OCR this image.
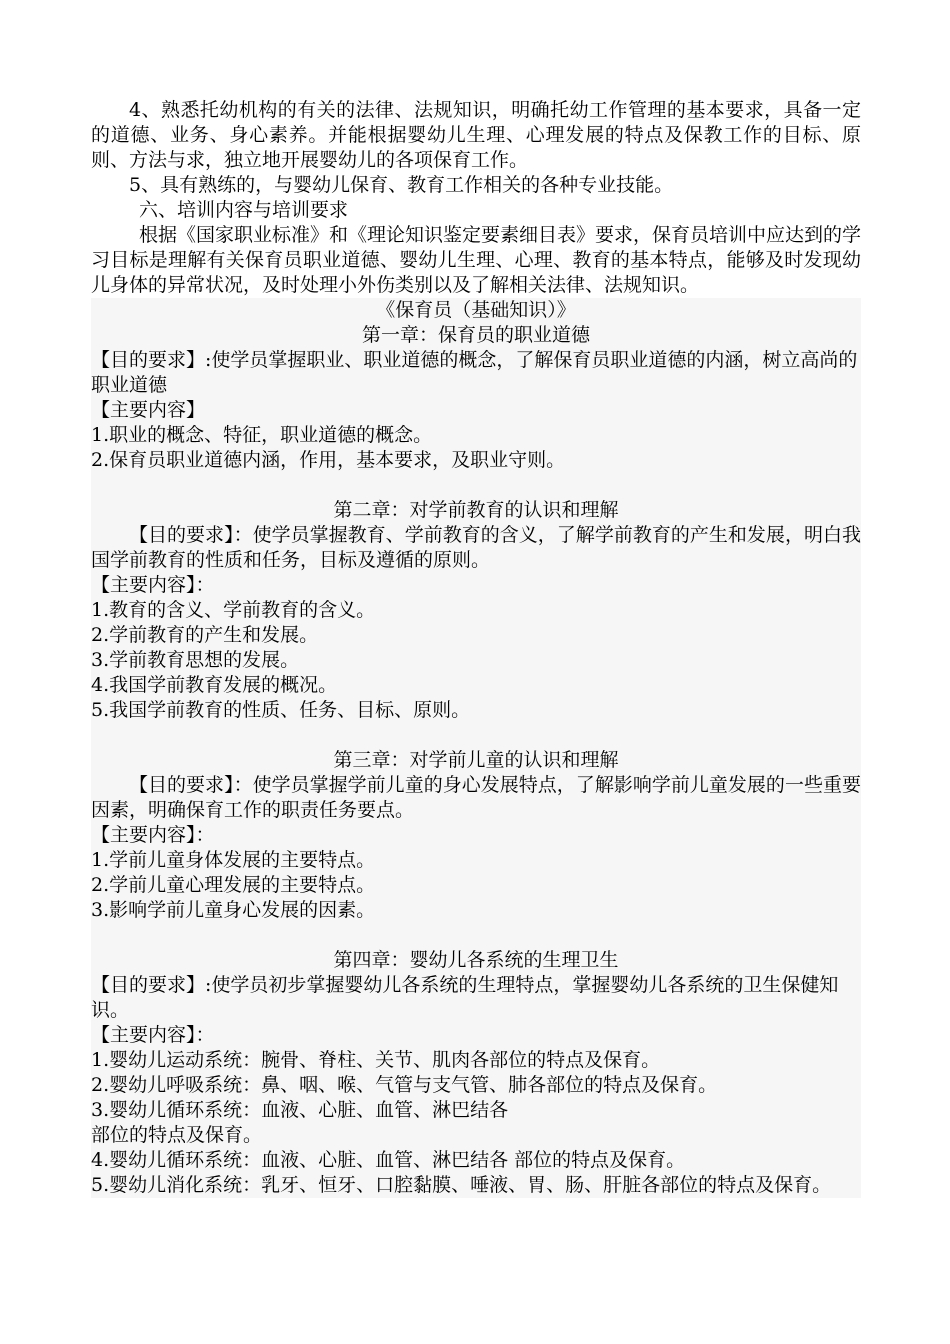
4、熟悉托幼机构的有关的法律、法规知识，明确托幼工作管理的基本要求，具备一定的道德、业务、身心素养。并能根据婴幼儿生理、心理发展的特点及保教工作的目标、原则、方法与求，独立地开展婴幼儿的各项保育工作。

5、具有熟练的，与婴幼儿保育、教育工作相关的各种专业技能。

六、培训内容与培训要求

根据《国家职业标准》和《理论知识鉴定要素细目表》要求，保育员培训中应达到的学习目标是理解有关保育员职业道德、婴幼儿生理、心理、教育的基本特点，能够及时发现幼儿身体的异常状况，及时处理小外伤类别以及了解相关法律、法规知识。

《保育员（基础知识）》

第一章：保育员的职业道德

【目的要求】:使学员掌握职业、职业道德的概念，了解保育员职业道德的内涵，树立高尚的职业道德

【主要内容】

1.职业的概念、特征，职业道德的概念。

2.保育员职业道德内涵，作用，基本要求，及职业守则。

第二章：对学前教育的认识和理解

【目的要求】：使学员掌握教育、学前教育的含义，了解学前教育的产生和发展，明白我国学前教育的性质和任务，目标及遵循的原则。

【主要内容】：

1.教育的含义、学前教育的含义。

2.学前教育的产生和发展。

3.学前教育思想的发展。

4.我国学前教育发展的概况。

5.我国学前教育的性质、任务、目标、原则。

第三章：对学前儿童的认识和理解

【目的要求】：使学员掌握学前儿童的身心发展特点，了解影响学前儿童发展的一些重要因素，明确保育工作的职责任务要点。

【主要内容】：

1.学前儿童身体发展的主要特点。

2.学前儿童心理发展的主要特点。

3.影响学前儿童身心发展的因素。

第四章：婴幼儿各系统的生理卫生

【目的要求】:使学员初步掌握婴幼儿各系统的生理特点，掌握婴幼儿各系统的卫生保健知识。

【主要内容】：

1.婴幼儿运动系统：腕骨、脊柱、关节、肌肉各部位的特点及保育。

2.婴幼儿呼吸系统：鼻、咽、喉、气管与支气管、肺各部位的特点及保育。

3.婴幼儿循环系统：血液、心脏、血管、淋巴结各

部位的特点及保育。

4.婴幼儿循环系统：血液、心脏、血管、淋巴结各 部位的特点及保育。

5.婴幼儿消化系统：乳牙、恒牙、口腔黏膜、唾液、胃、肠、肝脏各部位的特点及保育。
